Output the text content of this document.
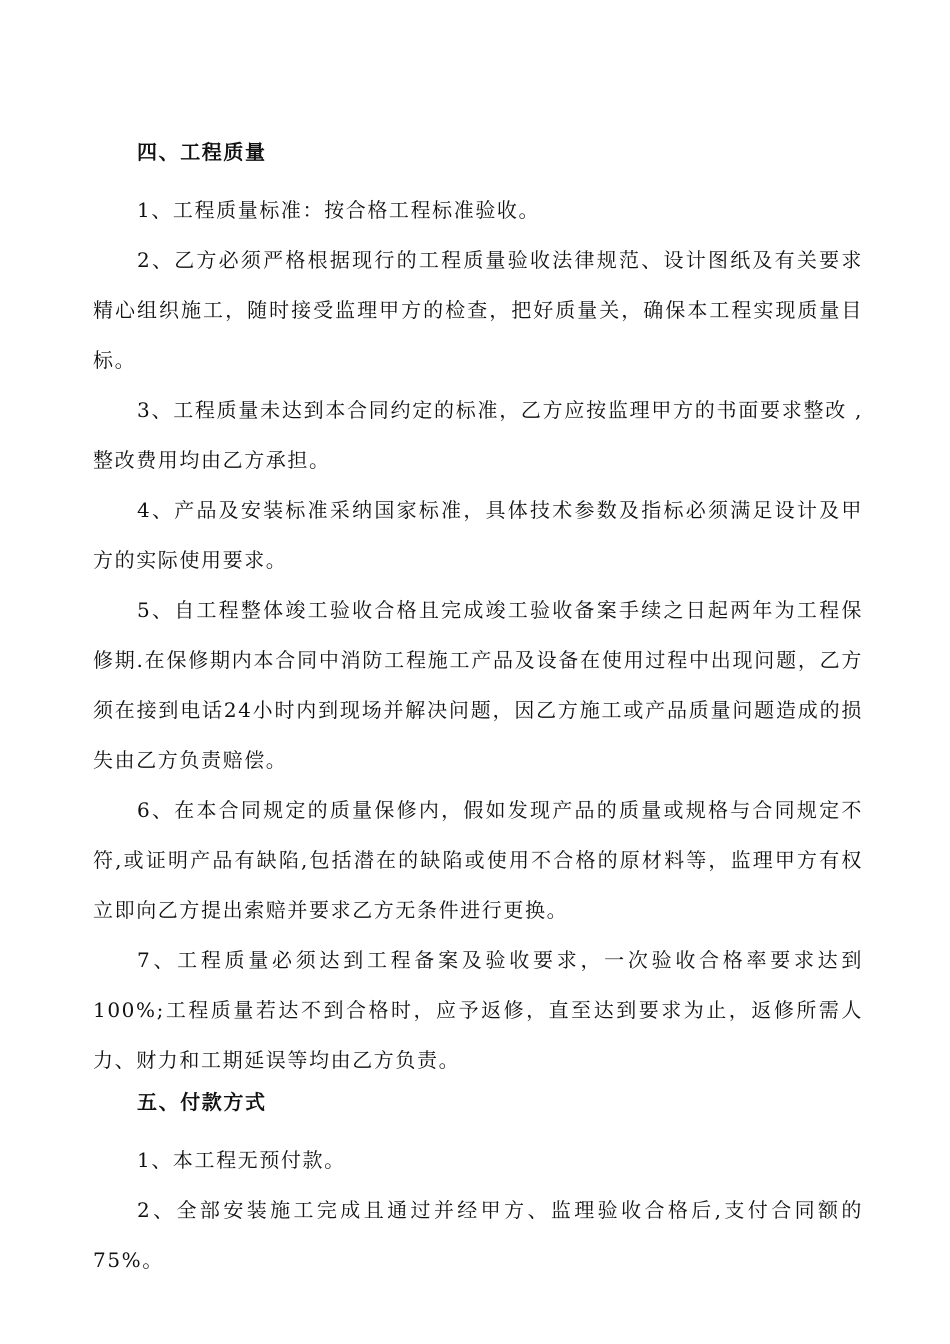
四、工程质量

1、工程质量标准：按合格工程标准验收。

2、乙方必须严格根据现行的工程质量验收法律规范、设计图纸及有关要求精心组织施工，随时接受监理甲方的检查，把好质量关，确保本工程实现质量目标。

3、工程质量未达到本合同约定的标准，乙方应按监理甲方的书面要求整改 ,整改费用均由乙方承担。

4、产品及安装标准采纳国家标准，具体技术参数及指标必须满足设计及甲方的实际使用要求。

5、自工程整体竣工验收合格且完成竣工验收备案手续之日起两年为工程保修期.在保修期内本合同中消防工程施工产品及设备在使用过程中出现问题，乙方须在接到电话24小时内到现场并解决问题，因乙方施工或产品质量问题造成的损失由乙方负责赔偿。

6、在本合同规定的质量保修内，假如发现产品的质量或规格与合同规定不符,或证明产品有缺陷,包括潜在的缺陷或使用不合格的原材料等，监理甲方有权立即向乙方提出索赔并要求乙方无条件进行更换。

7、工程质量必须达到工程备案及验收要求，一次验收合格率要求达到100%;工程质量若达不到合格时，应予返修，直至达到要求为止，返修所需人力、财力和工期延误等均由乙方负责。

五、付款方式

1、本工程无预付款。

2、全部安装施工完成且通过并经甲方、监理验收合格后,支付合同额的75%。
